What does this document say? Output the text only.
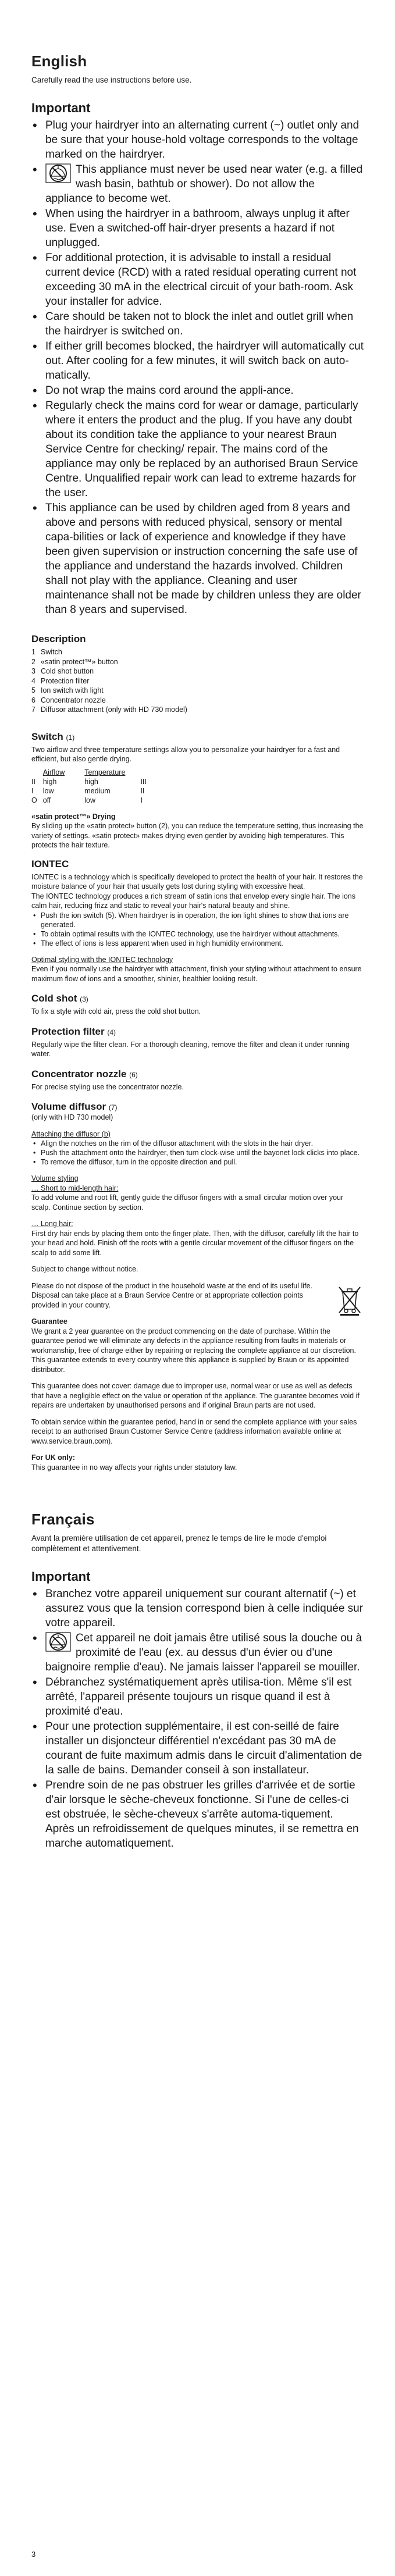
English

Carefully read the use instructions before use.

Important
• Plug your hairdryer into an alternating current (~) outlet only and be sure that your house-hold voltage corresponds to the voltage marked on the hairdryer.
• This appliance must never be used near water (e.g. a filled wash basin, bathtub or shower). Do not allow the appliance to become wet.
• When using the hairdryer in a bathroom, always unplug it after use. Even a switched-off hair-dryer presents a hazard if not unplugged.
• For additional protection, it is advisable to install a residual current device (RCD) with a rated residual operating current not exceeding 30 mA in the electrical circuit of your bath-room. Ask your installer for advice.
• Care should be taken not to block the inlet and outlet grill when the hairdryer is switched on.
• If either grill becomes blocked, the hairdryer will automatically cut out. After cooling for a few minutes, it will switch back on auto-matically.
• Do not wrap the mains cord around the appli-ance.
• Regularly check the mains cord for wear or damage, particularly where it enters the product and the plug. If you have any doubt about its condition take the appliance to your nearest Braun Service Centre for checking/ repair. The mains cord of the appliance may only be replaced by an authorised Braun Service Centre. Unqualified repair work can lead to extreme hazards for the user.
• This appliance can be used by children aged from 8 years and above and persons with reduced physical, sensory or mental capa-bilities or lack of experience and knowledge if they have been given supervision or instruction concerning the safe use of the appliance and understand the hazards involved. Children shall not play with the appliance. Cleaning and user maintenance shall not be made by children unless they are older than 8 years and supervised.
Description
1 Switch
2 «satin protect™» button
3 Cold shot button
4 Protection filter
5 Ion switch with light
6 Concentrator nozzle
7 Diffusor attachment (only with HD 730 model)
Switch (1)

Two airflow and three temperature settings allow you to personalize your hairdryer for a fast and efficient, but also gentle drying.

	Airflow	Temperature	
II	high	high	III
I	low	medium	II
O	off	low	I

«satin protect™» Drying

By sliding up the «satin protect» button (2), you can reduce the temperature setting, thus increasing the variety of settings. «satin protect» makes drying even gentler by avoiding high temperatures. This protects the hair texture.

IONTEC

IONTEC is a technology which is specifically developed to protect the health of your hair. It restores the moisture balance of your hair that usually gets lost during styling with excessive heat.

The IONTEC technology produces a rich stream of satin ions that envelop every single hair. The ions calm hair, reducing frizz and static to reveal your hair's natural beauty and shine.

• Push the ion switch (5). When hairdryer is in operation, the ion light shines to show that ions are generated.
• To obtain optimal results with the IONTEC technology, use the hairdryer without attachments.
• The effect of ions is less apparent when used in high humidity environment.

Optimal styling with the IONTEC technology

Even if you normally use the hairdryer with attachment, finish your styling without attachment to ensure maximum flow of ions and a smoother, shinier, healthier looking result.

Cold shot (3)

To fix a style with cold air, press the cold shot button.

Protection filter (4)

Regularly wipe the filter clean. For a thorough cleaning, remove the filter and clean it under running water.

Concentrator nozzle (6)

For precise styling use the concentrator nozzle.

Volume diffusor (7)

(only with HD 730 model)

Attaching the diffusor (b)

• Align the notches on the rim of the diffusor attachment with the slots in the hair dryer.
• Push the attachment onto the hairdryer, then turn clock-wise until the bayonet lock clicks into place.
• To remove the diffusor, turn in the opposite direction and pull.

Volume styling

… Short to mid-length hair:

To add volume and root lift, gently guide the diffusor fingers with a small circular motion over your scalp. Continue section by section.

… Long hair:

First dry hair ends by placing them onto the finger plate. Then, with the diffusor, carefully lift the hair to your head and hold. Finish off the roots with a gentle circular movement of the diffusor fingers on the scalp to add some lift.

Subject to change without notice.

Please do not dispose of the product in the household waste at the end of its useful life. Disposal can take place at a Braun Service Centre or at appropriate collection points provided in your country.

Guarantee

We grant a 2 year guarantee on the product commencing on the date of purchase. Within the guarantee period we will eliminate any defects in the appliance resulting from faults in materials or workmanship, free of charge either by repairing or replacing the complete appliance at our discretion. This guarantee extends to every country where this appliance is supplied by Braun or its appointed distributor.

This guarantee does not cover: damage due to improper use, normal wear or use as well as defects that have a negligible effect on the value or operation of the appliance. The guarantee becomes void if repairs are undertaken by unauthorised persons and if original Braun parts are not used.

To obtain service within the guarantee period, hand in or send the complete appliance with your sales receipt to an authorised Braun Customer Service Centre (address information available online at www.service.braun.com).

For UK only:

This guarantee in no way affects your rights under statutory law.

Français

Avant la première utilisation de cet appareil, prenez le temps de lire le mode d'emploi complètement et attentivement.

Important
• Branchez votre appareil uniquement sur courant alternatif (~) et assurez vous que la tension correspond bien à celle indiquée sur votre appareil.
• Cet appareil ne doit jamais être utilisé sous la douche ou à proximité de l'eau (ex. au dessus d'un évier ou d'une baignoire remplie d'eau). Ne jamais laisser l'appareil se mouiller.
• Débranchez systématiquement après utilisa-tion. Même s'il est arrêté, l'appareil présente toujours un risque quand il est à proximité d'eau.
• Pour une protection supplémentaire, il est con-seillé de faire installer un disjoncteur différentiel n'excédant pas 30 mA de courant de fuite maximum admis dans le circuit d'alimentation de la salle de bains. Demander conseil à son installateur.
• Prendre soin de ne pas obstruer les grilles d'arrivée et de sortie d'air lorsque le sèche-cheveux fonctionne. Si l'une de celles-ci est obstruée, le sèche-cheveux s'arrête automa-tiquement. Après un refroidissement de quelques minutes, il se remettra en marche automatiquement.
3
